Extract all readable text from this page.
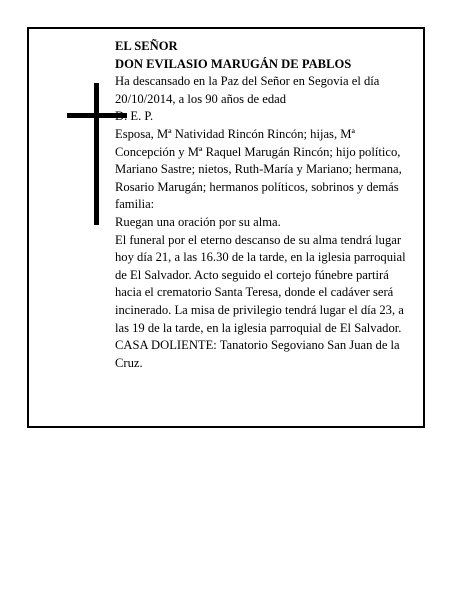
EL SEÑOR

DON EVILASIO MARUGÁN DE PABLOS

Ha descansado en la Paz del Señor en Segovia el día 20/10/2014, a los 90 años de edad

D. E. P.

Esposa, Mª Natividad Rincón Rincón; hijas, Mª Concepción y Mª Raquel Marugán Rincón; hijo político, Mariano Sastre; nietos, Ruth-María y Mariano; hermana, Rosario Marugán; hermanos políticos, sobrinos y demás familia:

Ruegan una oración por su alma.

El funeral por el eterno descanso de su alma tendrá lugar hoy día 21, a las 16.30 de la tarde, en la iglesia parroquial de El Salvador. Acto seguido el cortejo fúnebre partirá hacia el crematorio Santa Teresa, donde el cadáver será incinerado. La misa de privilegio tendrá lugar el día 23, a las 19 de la tarde, en la iglesia parroquial de El Salvador.

CASA DOLIENTE: Tanatorio Segoviano San Juan de la Cruz.
